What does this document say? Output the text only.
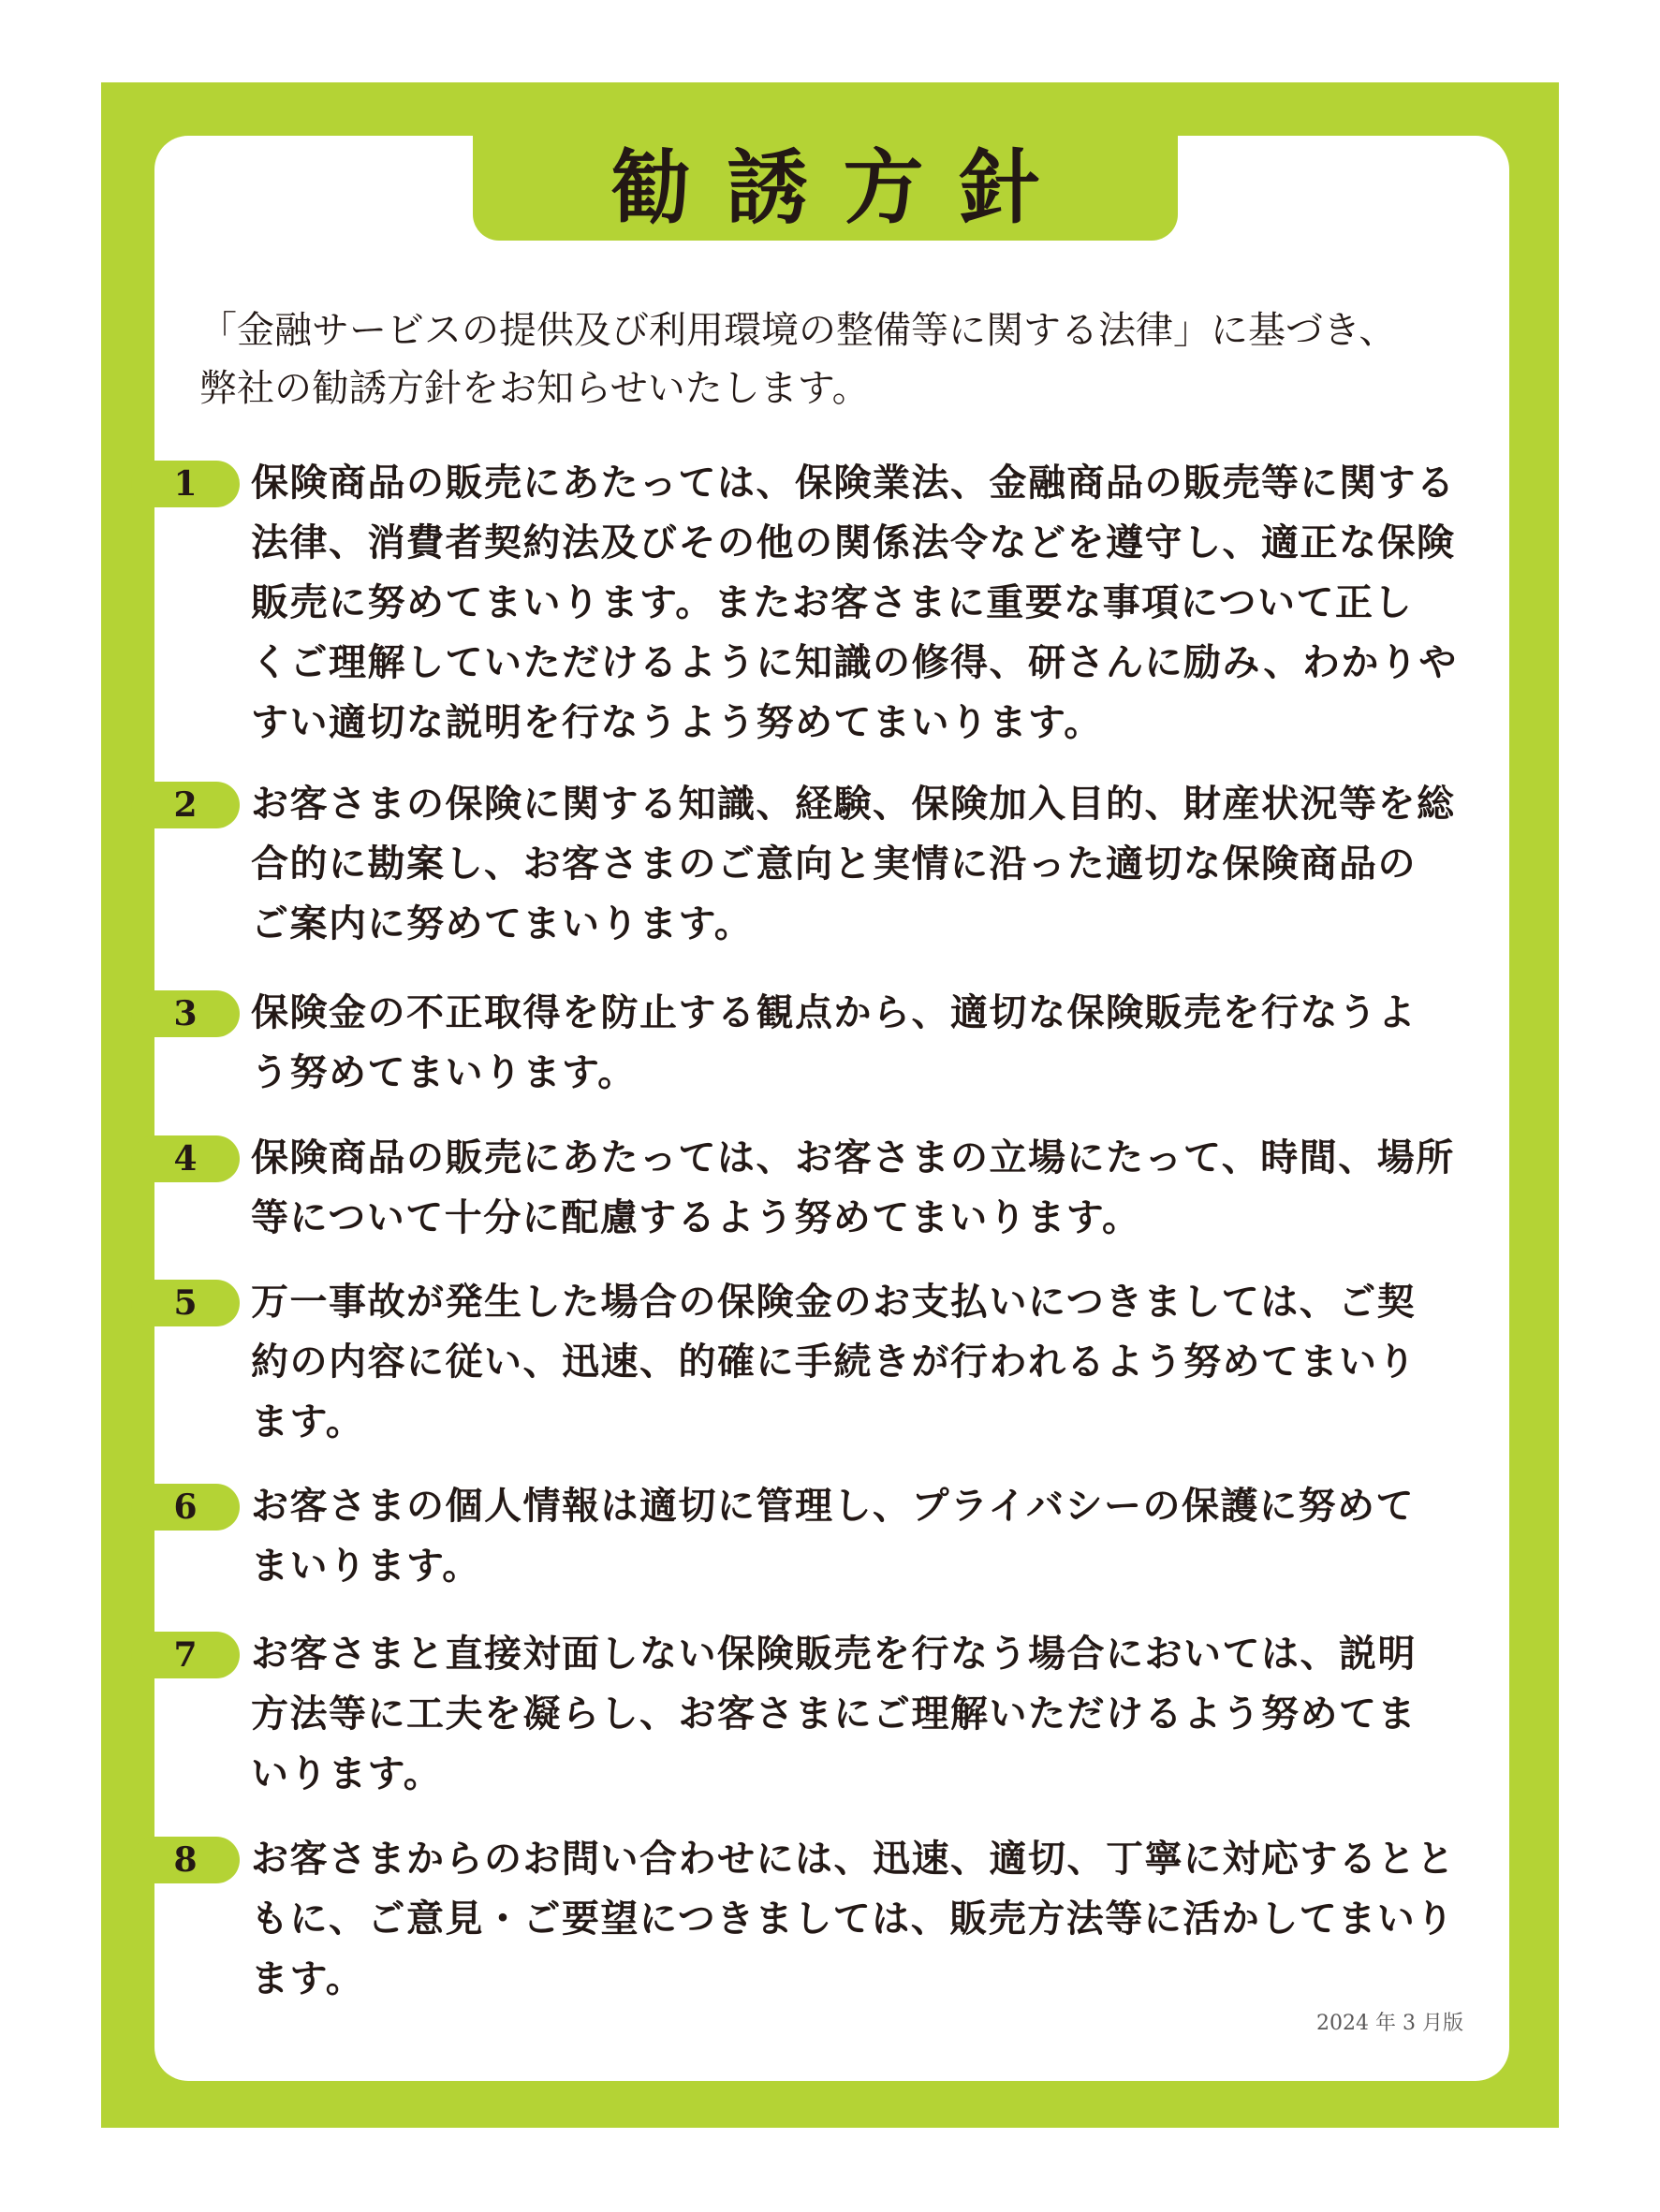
勧誘方針
「金融サービスの提供及び利用環境の整備等に関する法律」に基づき、
弊社の勧誘方針をお知らせいたします。
1 保険商品の販売にあたっては、保険業法、金融商品の販売等に関する
法律、消費者契約法及びその他の関係法令などを遵守し、適正な保険
販売に努めてまいります。またお客さまに重要な事項について正し
くご理解していただけるように知識の修得、研さんに励み、わかりや
すい適切な説明を行なうよう努めてまいります。
2 お客さまの保険に関する知識、経験、保険加入目的、財産状況等を総
合的に勘案し、お客さまのご意向と実情に沿った適切な保険商品の
ご案内に努めてまいります。
3 保険金の不正取得を防止する観点から、適切な保険販売を行なうよ
う努めてまいります。
4 保険商品の販売にあたっては、お客さまの立場にたって、時間、場所
等について十分に配慮するよう努めてまいります。
5 万一事故が発生した場合の保険金のお支払いにつきましては、ご契
約の内容に従い、迅速、的確に手続きが行われるよう努めてまいり
ます。
6 お客さまの個人情報は適切に管理し、プライバシーの保護に努めて
まいります。
7 お客さまと直接対面しない保険販売を行なう場合においては、説明
方法等に工夫を凝らし、お客さまにご理解いただけるよう努めてま
いります。
8 お客さまからのお問い合わせには、迅速、適切、丁寧に対応するとと
もに、ご意見・ご要望につきましては、販売方法等に活かしてまいり
ます。
2024 年 3 月版
